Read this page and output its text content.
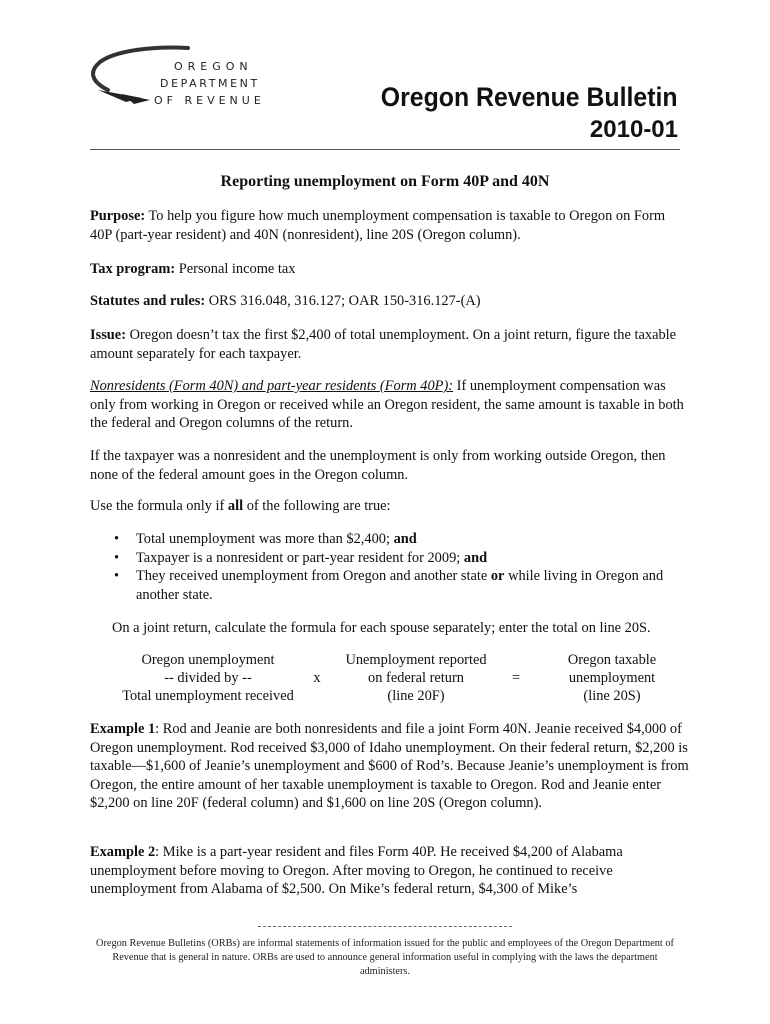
OREGON
DEPARTMENT
OF REVENUE	Oregon Revenue Bulletin
2010-01
Reporting unemployment on Form 40P and 40N
Purpose: To help you figure how much unemployment compensation is taxable to Oregon on Form 40P (part-year resident) and 40N (nonresident), line 20S (Oregon column).
Tax program: Personal income tax
Statutes and rules: ORS 316.048, 316.127; OAR 150-316.127-(A)
Issue: Oregon doesn’t tax the first $2,400 of total unemployment. On a joint return, figure the taxable amount separately for each taxpayer.
Nonresidents (Form 40N) and part-year residents (Form 40P): If unemployment compensation was only from working in Oregon or received while an Oregon resident, the same amount is taxable in both the federal and Oregon columns of the return.
If the taxpayer was a nonresident and the unemployment is only from working outside Oregon, then none of the federal amount goes in the Oregon column.
Use the formula only if all of the following are true:
• Total unemployment was more than $2,400; and
• Taxpayer is a nonresident or part-year resident for 2009; and
• They received unemployment from Oregon and another state or while living in Oregon and another state.
On a joint return, calculate the formula for each spouse separately; enter the total on line 20S.
Oregon unemployment
-- divided by --
Total unemployment received
x
Unemployment reported
on federal return
(line 20F)
=
Oregon taxable
unemployment
(line 20S)
Example 1: Rod and Jeanie are both nonresidents and file a joint Form 40N. Jeanie received $4,000 of Oregon unemployment. Rod received $3,000 of Idaho unemployment. On their federal return, $2,200 is taxable—$1,600 of Jeanie’s unemployment and $600 of Rod’s. Because Jeanie’s unemployment is from Oregon, the entire amount of her taxable unemployment is taxable to Oregon. Rod and Jeanie enter $2,200 on line 20F (federal column) and $1,600 on line 20S (Oregon column).
Example 2: Mike is a part-year resident and files Form 40P. He received $4,200 of Alabama unemployment before moving to Oregon. After moving to Oregon, he continued to receive unemployment from Alabama of $2,500. On Mike’s federal return, $4,300 of Mike’s
Oregon Revenue Bulletins (ORBs) are informal statements of information issued for the public and employees of the Oregon Department of Revenue that is general in nature. ORBs are used to announce general information useful in complying with the laws the department administers.
